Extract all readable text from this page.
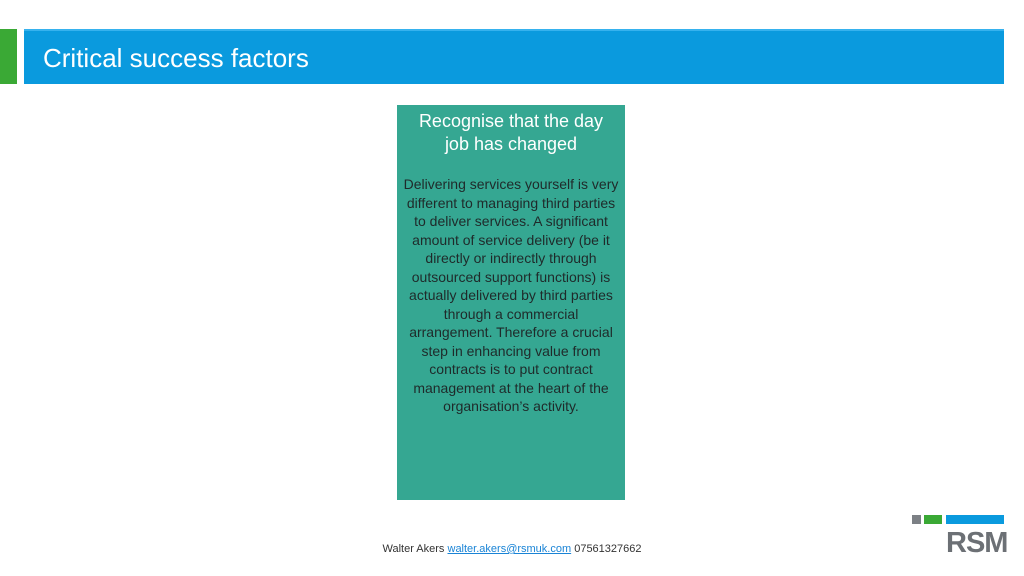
Critical success factors

Recognise that the day job has changed

Delivering services yourself is very different to managing third parties to deliver services. A significant amount of service delivery (be it directly or indirectly through outsourced support functions) is actually delivered by third parties through a commercial arrangement. Therefore a crucial step in enhancing value from contracts is to put contract management at the heart of the organisation’s activity.

Walter Akers walter.akers@rsmuk.com 07561327662	RSM
